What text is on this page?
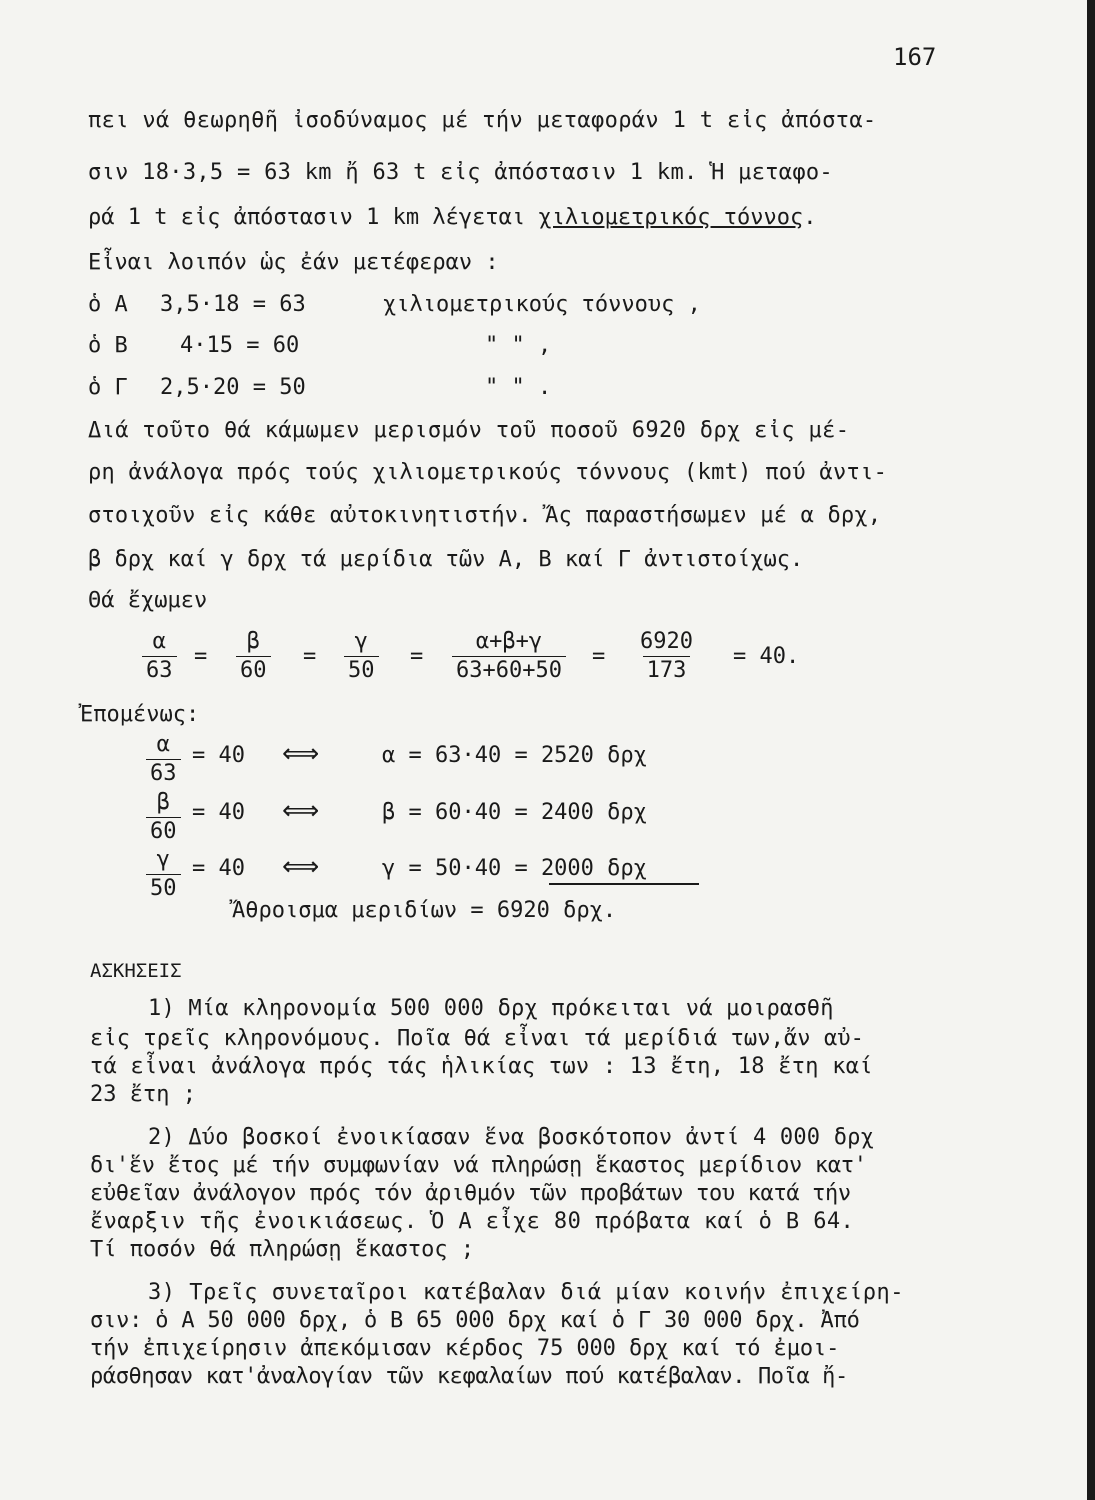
167
πει νά θεωρηθῆ ἰσοδύναμος μέ τήν μεταφοράν 1 t εἰς ἀπόστα-
σιν 18·3,5 = 63 km ἤ 63 t εἰς ἀπόστασιν 1 km. Ἡ μεταφο-
ρά 1 t εἰς ἀπόστασιν 1 km λέγεται χιλιομετρικός τόννος.
Εἶναι λοιπόν ὡς ἐάν μετέφεραν :
ὁ Α 3,5·18 = 63	χιλιομετρικούς τόννους ,
ὁ Β 4·15 = 60	" " ,
ὁ Γ 2,5·20 = 50	" " .
Διά τοῦτο θά κάμωμεν μερισμόν τοῦ ποσοῦ 6920 δρχ εἰς μέ-
ρη ἀνάλογα πρός τούς χιλιομετρικούς τόννους (kmt) πού ἀντι-
στοιχοῦν εἰς κάθε αὐτοκινητιστήν. Ἄς παραστήσωμεν μέ α δρχ,
β δρχ καί γ δρχ τά μερίδια τῶν Α, Β καί Γ ἀντιστοίχως.
Θά ἔχωμεν
$\frac{\alpha}{63} = \frac{\beta}{60} = \frac{\gamma}{50} = \frac{\alpha+\beta+\gamma}{63+60+50} = \frac{6920}{173} = 40$.
Ἐπομένως:
$\frac{\alpha}{63} = 40$ ⟺	α = 63·40 = 2520 δρχ
$\frac{\beta}{60} = 40$ ⟺	β = 60·40 = 2400 δρχ
$\frac{\gamma}{50} = 40$ ⟺	γ = 50·40 = 2000 δρχ
Ἄθροισμα μεριδίων = 6920 δρχ.
ΑΣΚΗΣΕΙΣ
1) Μία κληρονομία 500 000 δρχ πρόκειται νά μοιρασθῆ
εἰς τρεῖς κληρονόμους. Ποῖα θά εἶναι τά μερίδιά των,ἄν αὐ-
τά εἶναι ἀνάλογα πρός τάς ἡλικίας των : 13 ἔτη, 18 ἔτη καί
23 ἔτη ;
2) Δύο βοσκοί ἐνοικίασαν ἕνα βοσκότοπον ἀντί 4 000 δρχ
δι'ἕν ἔτος μέ τήν συμφωνίαν νά πληρώσῃ ἕκαστος μερίδιον κατ'
εὐθεῖαν ἀνάλογον πρός τόν ἀριθμόν τῶν προβάτων του κατά τήν
ἔναρξιν τῆς ἐνοικιάσεως. Ὁ Α εἶχε 80 πρόβατα καί ὁ Β 64.
Τί ποσόν θά πληρώσῃ ἕκαστος ;
3) Τρεῖς συνεταῖροι κατέβαλαν διά μίαν κοινήν ἐπιχείρη-
σιν: ὁ Α 50 000 δρχ, ὁ Β 65 000 δρχ καί ὁ Γ 30 000 δρχ. Ἀπό
τήν ἐπιχείρησιν ἀπεκόμισαν κέρδος 75 000 δρχ καί τό ἐμοι-
ράσθησαν κατ'ἀναλογίαν τῶν κεφαλαίων πού κατέβαλαν. Ποῖα ἤ-
